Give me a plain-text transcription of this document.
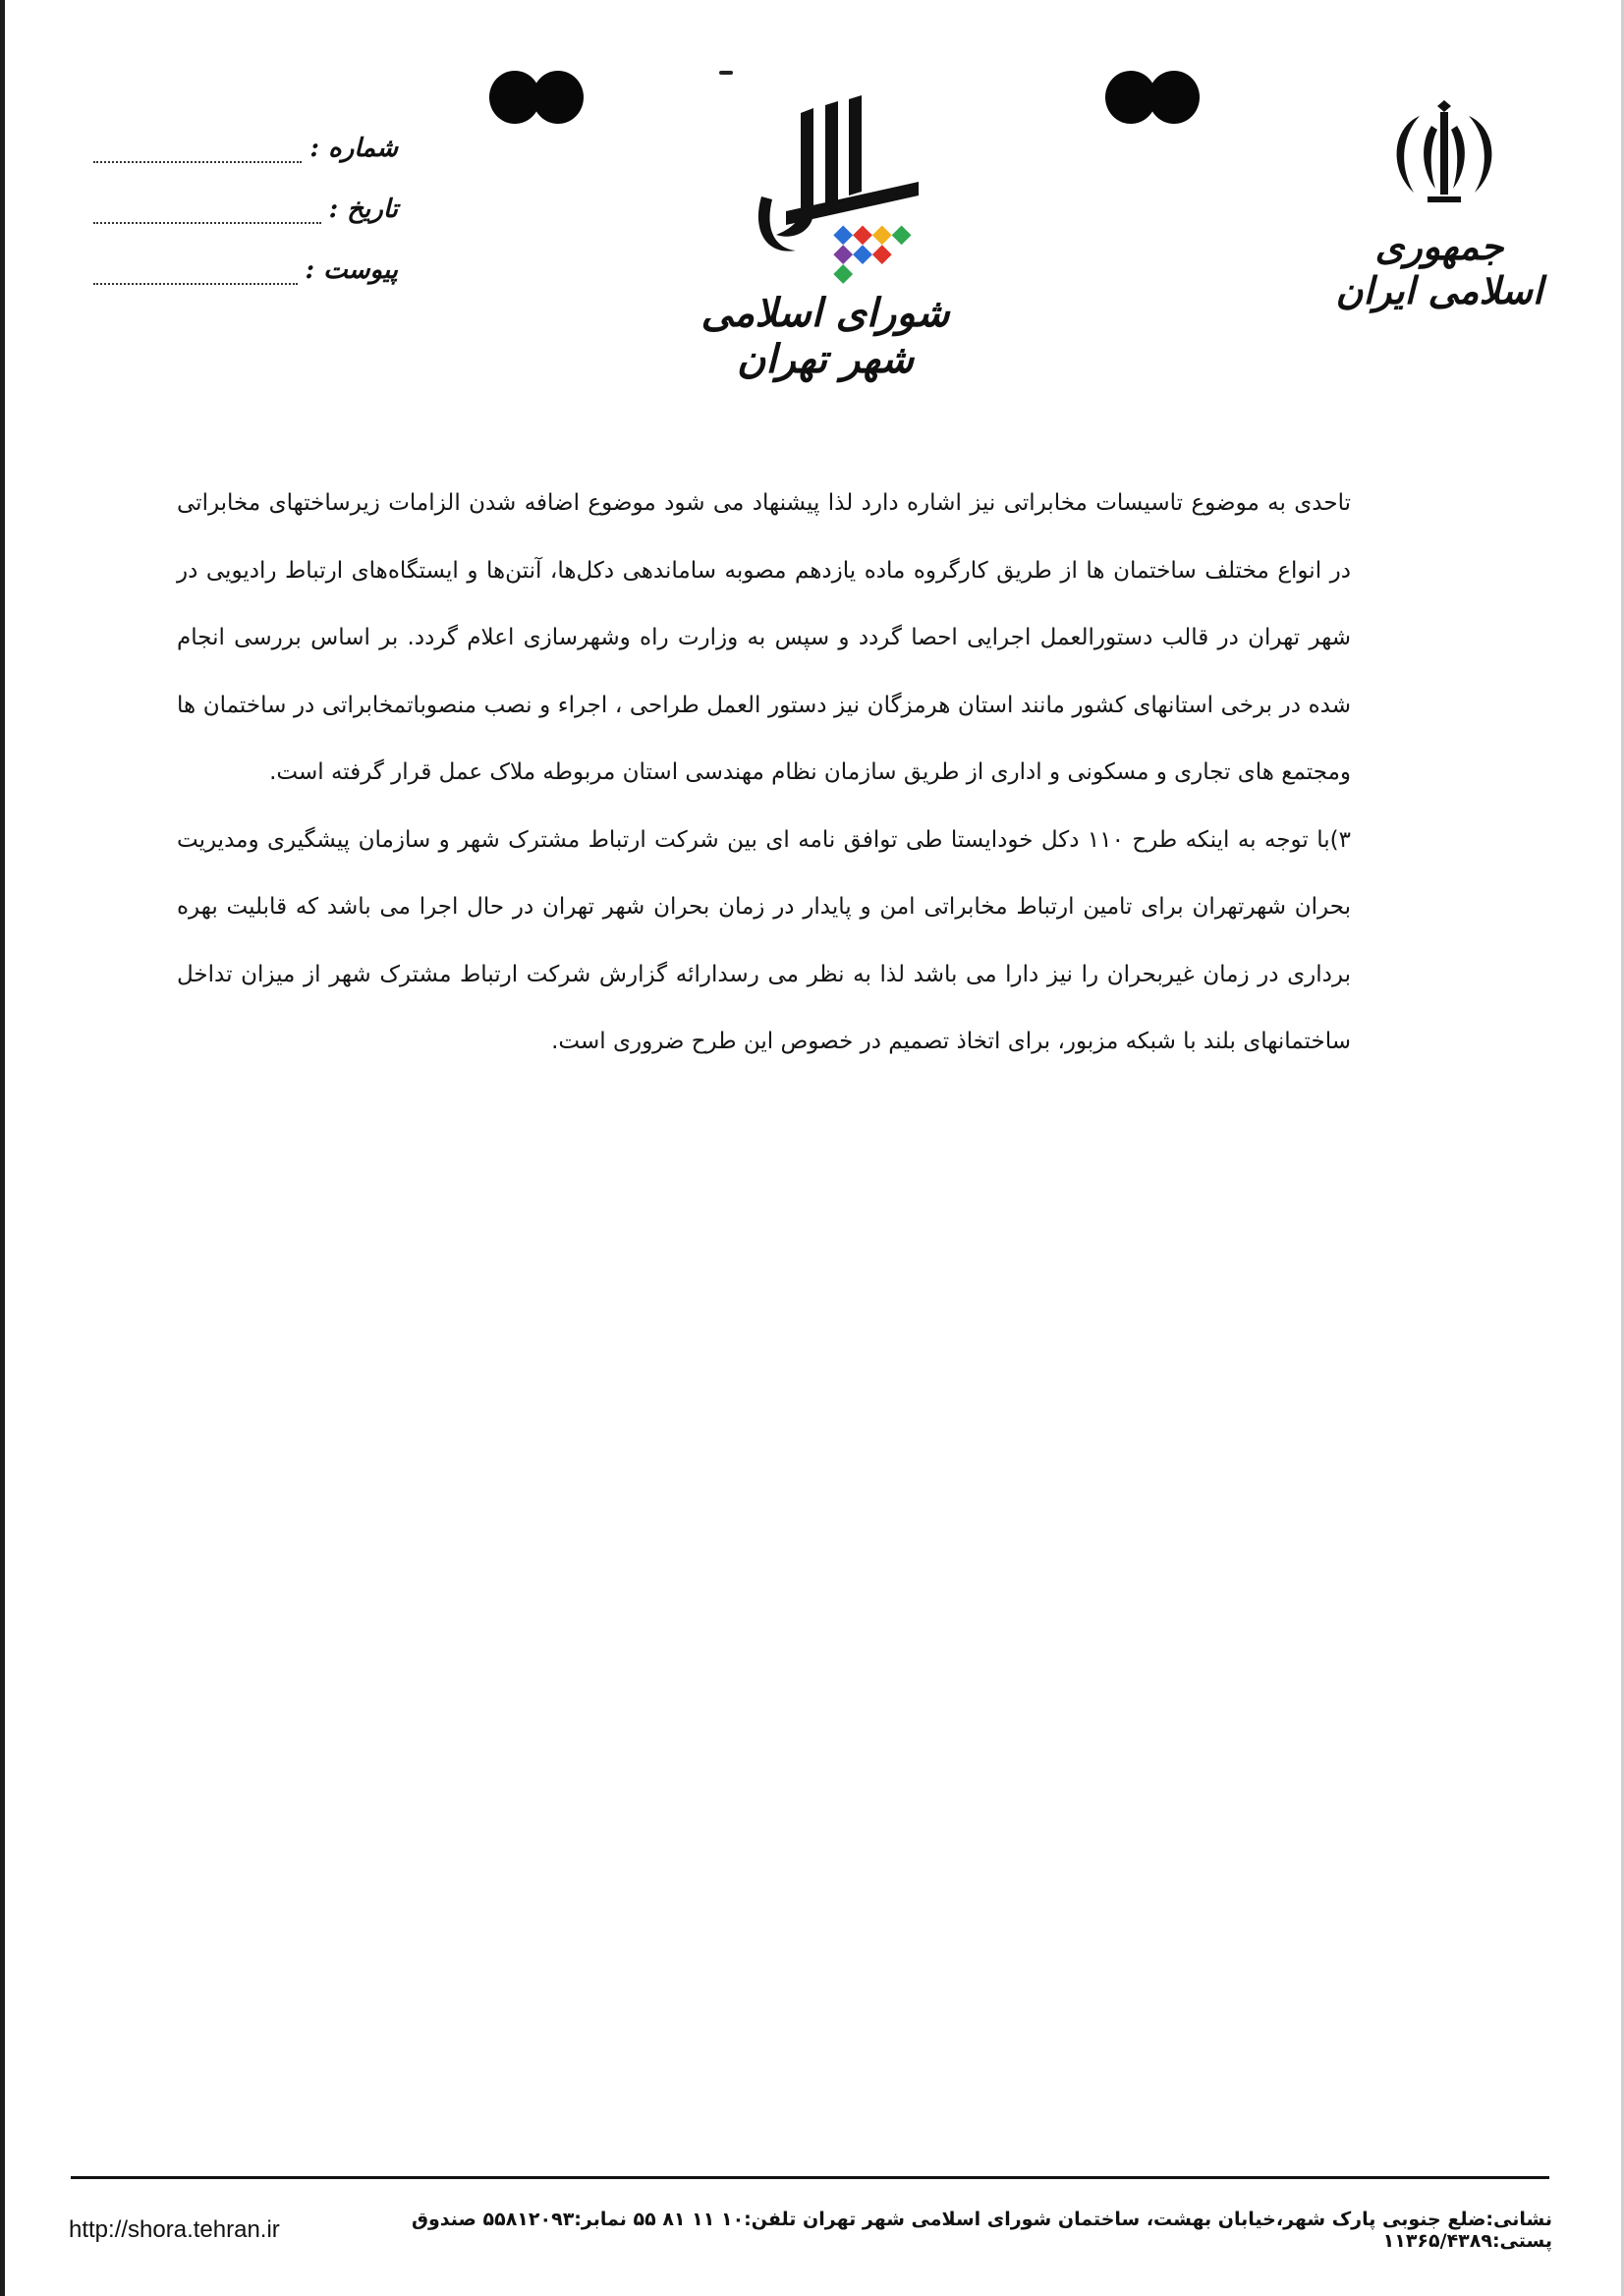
جمهوری اسلامی ایران
شورای اسلامی شهر تهران
شماره :
تاریخ :
پیوست :

تاحدی به موضوع تاسیسات مخابراتی نیز اشاره دارد لذا پیشنهاد می شود موضوع اضافه شدن الزامات زیرساختهای مخابراتی در انواع مختلف ساختمان ها از طریق کارگروه ماده یازدهم مصوبه ساماندهی دکل‌ها، آنتن‌ها و ایستگاه‌های ارتباط رادیویی در شهر تهران در قالب دستورالعمل اجرایی احصا گردد و سپس به وزارت راه وشهرسازی اعلام گردد. بر اساس بررسی انجام شده در برخی استانهای کشور مانند استان هرمزگان نیز دستور العمل طراحی ، اجراء و نصب منصوباتمخابراتی در ساختمان ها ومجتمع های تجاری و مسکونی و اداری از طریق سازمان نظام مهندسی استان مربوطه ملاک عمل قرار گرفته است.

۳)با توجه به اینکه طرح ۱۱۰ دکل خودایستا طی توافق نامه ای بین شرکت ارتباط مشترک شهر و سازمان پیشگیری ومدیریت بحران شهرتهران برای تامین ارتباط مخابراتی امن و پایدار در زمان بحران شهر تهران در حال اجرا می باشد که قابلیت بهره برداری در زمان غیربحران را نیز دارا می باشد لذا به نظر می رسدارائه گزارش شرکت ارتباط مشترک شهر از میزان تداخل ساختمانهای بلند با شبکه مزبور، برای اتخاذ تصمیم در خصوص این طرح ضروری است.

http://shora.tehran.ir	نشانی:ضلع جنوبی پارک شهر،خیابان بهشت، ساختمان شورای اسلامی شهر تهران تلفن:۱۰ ۱۱ ۸۱ ۵۵ نمابر:۵۵۸۱۲۰۹۳ صندوق پستی:۱۱۳۶۵/۴۳۸۹
